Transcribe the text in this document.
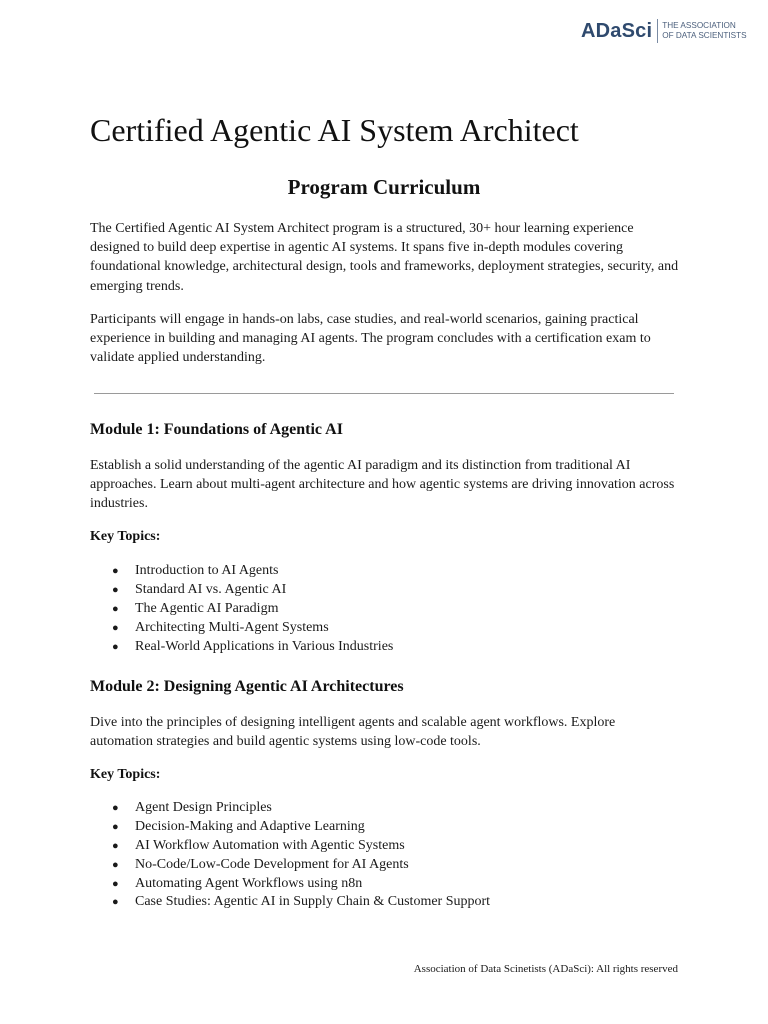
ADaSci THE ASSOCIATION
OF DATA SCIENTISTS
Certified Agentic AI System Architect
Program Curriculum

The Certified Agentic AI System Architect program is a structured, 30+ hour learning experience designed to build deep expertise in agentic AI systems. It spans five in-depth modules covering foundational knowledge, architectural design, tools and frameworks, deployment strategies, security, and emerging trends.

Participants will engage in hands-on labs, case studies, and real-world scenarios, gaining practical experience in building and managing AI agents. The program concludes with a certification exam to validate applied understanding.

Module 1: Foundations of Agentic AI

Establish a solid understanding of the agentic AI paradigm and its distinction from traditional AI approaches. Learn about multi-agent architecture and how agentic systems are driving innovation across industries.

Key Topics:

●	Introduction to AI Agents
●	Standard AI vs. Agentic AI
●	The Agentic AI Paradigm
●	Architecting Multi-Agent Systems
●	Real-World Applications in Various Industries
Module 2: Designing Agentic AI Architectures

Dive into the principles of designing intelligent agents and scalable agent workflows. Explore automation strategies and build agentic systems using low-code tools.

Key Topics:

●	Agent Design Principles
●	Decision-Making and Adaptive Learning
●	AI Workflow Automation with Agentic Systems
●	No-Code/Low-Code Development for AI Agents
●	Automating Agent Workflows using n8n
●	Case Studies: Agentic AI in Supply Chain & Customer Support

Association of Data Scinetists (ADaSci): All rights reserved
